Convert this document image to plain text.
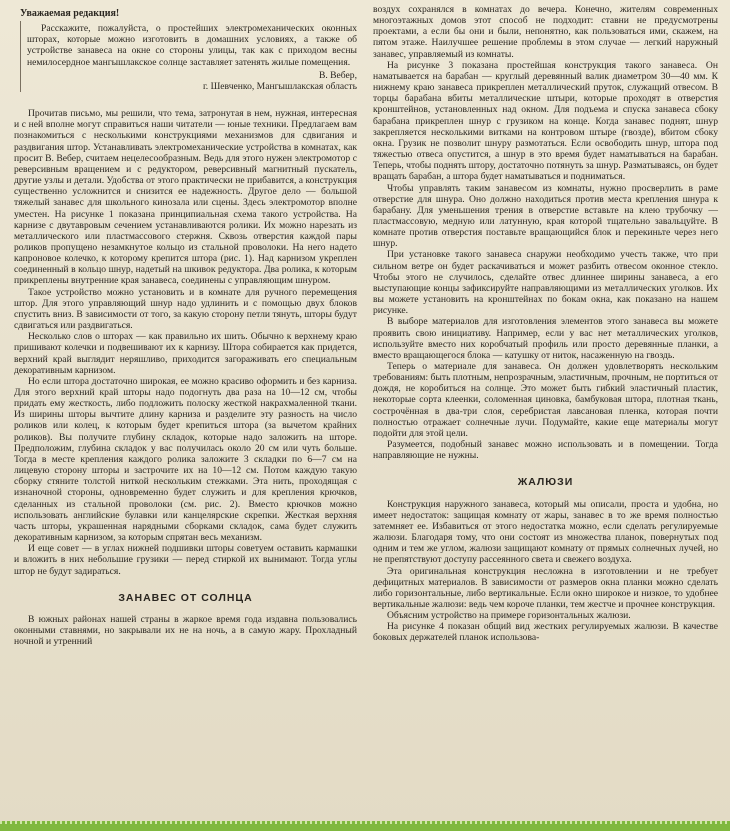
Уважаемая редакция!

Расскажите, пожалуйста, о простейших электромеханических оконных шторах, которые можно изготовить в домашних условиях, а также об устройстве занавеса на окне со стороны улицы, так как с приходом весны немилосердное мангышлакское солнце заставляет затенять жилые помещения.

В. Вебер,
г. Шевченко, Мангышлакская область

Прочитав письмо, мы решили, что тема, затронутая в нем, нужная, интересная и с ней вполне могут справиться наши читатели — юные техники. Предлагаем вам познакомиться с несколькими конструкциями механизмов для сдвигания и раздвигания штор. Устанавливать электромеханические устройства в комнатах, как просит В. Вебер, считаем нецелесообразным. Ведь для этого нужен электромотор с реверсивным вращением и с редуктором, реверсивный магнитный пускатель, другие узлы и детали. Удобства от этого практически не прибавится, а конструкция существенно усложнится и снизится ее надежность. Другое дело — большой тяжелый занавес для школьного кинозала или сцены. Здесь электромотор вполне уместен. На рисунке 1 показана принципиальная схема такого устройства. На карнизе с двутавровым сечением устанавливаются ролики. Их можно нарезать из металлического или пластмассового стержня. Сквозь отверстия каждой пары роликов пропущено незамкнутое кольцо из стальной проволоки. На него надето капроновое колечко, к которому крепится штора (рис. 1). Над карнизом укреплен соединенный в кольцо шнур, надетый на шкивок редуктора. Два ролика, к которым прикреплены внутренние края занавеса, соединены с управляющим шнуром.

Такое устройство можно установить и в комнате для ручного перемещения штор. Для этого управляющий шнур надо удлинить и с помощью двух блоков спустить вниз. В зависимости от того, за какую сторону петли тянуть, шторы будут сдвигаться или раздвигаться.

Несколько слов о шторах — как правильно их шить. Обычно к верхнему краю пришивают колечки и подвешивают их к карнизу. Штора собирается как придется, верхний край выглядит неряшливо, приходится загораживать его специальным декоративным карнизом.

Но если штора достаточно широкая, ее можно красиво оформить и без карниза. Для этого верхний край шторы надо подогнуть два раза на 10—12 см, чтобы придать ему жесткость, либо подложить полоску жесткой накрахмаленной ткани. Из ширины шторы вычтите длину карниза и разделите эту разность на число роликов или колец, к которым будет крепиться штора (за вычетом крайних роликов). Вы получите глубину складок, которые надо заложить на шторе. Предположим, глубина складок у вас получилась около 20 см или чуть больше. Тогда в месте крепления каждого ролика заложите 3 складки по 6—7 см на лицевую сторону шторы и застрочите их на 10—12 см. Потом каждую такую сборку стяните толстой ниткой нескольким стежками. Эта нить, проходящая с изнаночной стороны, одновременно будет служить и для крепления крючков, сделанных из стальной проволоки (см. рис. 2). Вместо крючков можно использовать английские булавки или канцелярские скрепки. Жесткая верхняя часть шторы, украшенная нарядными сборками складок, сама будет служить декоративным карнизом, за которым спрятан весь механизм.

И еще совет — в углах нижней подшивки шторы советуем оставить кармашки и вложить в них небольшие грузики — перед стиркой их вынимают. Тогда углы штор не будут задираться.

ЗАНАВЕС ОТ СОЛНЦА

В южных районах нашей страны в жаркое время года издавна пользовались оконными ставнями, но закрывали их не на ночь, а в самую жару. Прохладный ночной и утренний

воздух сохранялся в комнатах до вечера. Конечно, жителям современных многоэтажных домов этот способ не подходит: ставни не предусмотрены проектами, а если бы они и были, непонятно, как пользоваться ими, скажем, на пятом этаже. Наилучшее решение проблемы в этом случае — легкий наружный занавес, управляемый из комнаты.

На рисунке 3 показана простейшая конструкция такого занавеса. Он наматывается на барабан — круглый деревянный валик диаметром 30—40 мм. К нижнему краю занавеса прикреплен металлический пруток, служащий отвесом. В торцы барабана вбиты металлические штыри, которые проходят в отверстия кронштейнов, установленных над окном. Для подъема и спуска занавеса сбоку барабана прикреплен шнур с грузиком на конце. Когда занавес поднят, шнур закрепляется несколькими витками на контровом штыре (гвозде), вбитом сбоку окна. Грузик не позволит шнуру размотаться. Если освободить шнур, штора под тяжестью отвеса опустится, а шнур в это время будет наматываться на барабан. Теперь, чтобы поднять штору, достаточно потянуть за шнур. Разматываясь, он будет вращать барабан, а штора будет наматываться и подниматься.

Чтобы управлять таким занавесом из комнаты, нужно просверлить в раме отверстие для шнура. Оно должно находиться против места крепления шнура к барабану. Для уменьшения трения в отверстие вставьте на клею трубочку — пластмассовую, медную или латунную, края которой тщательно завальцуйте. В комнате против отверстия поставьте вращающийся блок и перекиньте через него шнур.

При установке такого занавеса снаружи необходимо учесть также, что при сильном ветре он будет раскачиваться и может разбить отвесом оконное стекло. Чтобы этого не случилось, сделайте отвес длиннее ширины занавеса, а его выступающие концы зафиксируйте направляющими из металлических уголков. Их вы можете установить на кронштейнах по бокам окна, как показано на нашем рисунке.

В выборе материалов для изготовления элементов этого занавеса вы можете проявить свою инициативу. Например, если у вас нет металлических уголков, используйте вместо них коробчатый профиль или просто деревянные планки, а вместо вращающегося блока — катушку от ниток, насаженную на гвоздь.

Теперь о материале для занавеса. Он должен удовлетворять нескольким требованиям: быть плотным, непрозрачным, эластичным, прочным, не портиться от дождя, не коробиться на солнце. Это может быть гибкий эластичный пластик, некоторые сорта клеенки, соломенная циновка, бамбуковая штора, плотная ткань, сострочённая в два-три слоя, серебристая лавсановая пленка, которая почти полностью отражает солнечные лучи. Подумайте, какие еще материалы могут подойти для этой цели.

Разумеется, подобный занавес можно использовать и в помещении. Тогда направляющие не нужны.

ЖАЛЮЗИ

Конструкция наружного занавеса, который мы описали, проста и удобна, но имеет недостаток: защищая комнату от жары, занавес в то же время полностью затемняет ее. Избавиться от этого недостатка можно, если сделать регулируемые жалюзи. Благодаря тому, что они состоят из множества планок, повернутых под одним и тем же углом, жалюзи защищают комнату от прямых солнечных лучей, но не препятствуют доступу рассеянного света и свежего воздуха.

Эта оригинальная конструкция несложна в изготовлении и не требует дефицитных материалов. В зависимости от размеров окна планки можно сделать либо горизонтальные, либо вертикальные. Если окно широкое и низкое, то удобнее вертикальные жалюзи: ведь чем короче планки, тем жестче и прочнее конструкция.

Объясним устройство на примере горизонтальных жалюзи.

На рисунке 4 показан общий вид жестких регулируемых жалюзи. В качестве боковых держателей планок использова-
